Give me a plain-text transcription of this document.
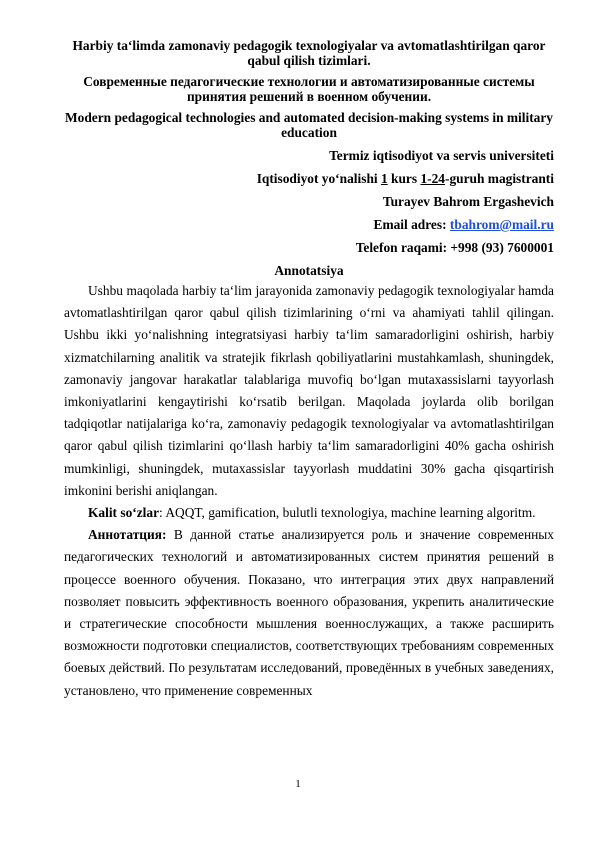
Harbiy ta‘limda zamonaviy pedagogik texnologiyalar va avtomatlashtirilgan qaror qabul qilish tizimlari.
Современные педагогические технологии и автоматизированные системы принятия решений в военном обучении.
Modern pedagogical technologies and automated decision-making systems in military education
Termiz iqtisodiyot va servis universiteti
Iqtisodiyot yo‘nalishi 1 kurs 1-24-guruh magistranti
Turayev Bahrom Ergashevich
Email adres: tbahrom@mail.ru
Telefon raqami: +998 (93) 7600001
Annotatsiya

Ushbu maqolada harbiy ta‘lim jarayonida zamonaviy pedagogik texnologiyalar hamda avtomatlashtirilgan qaror qabul qilish tizimlarining o‘rni va ahamiyati tahlil qilingan. Ushbu ikki yo‘nalishning integratsiyasi harbiy ta‘lim samaradorligini oshirish, harbiy xizmatchilarning analitik va stratejik fikrlash qobiliyatlarini mustahkamlash, shuningdek, zamonaviy jangovar harakatlar talablariga muvofiq bo‘lgan mutaxassislarni tayyorlash imkoniyatlarini kengaytirishi ko‘rsatib berilgan. Maqolada joylarda olib borilgan tadqiqotlar natijalariga ko‘ra, zamonaviy pedagogik texnologiyalar va avtomatlashtirilgan qaror qabul qilish tizimlarini qo‘llash harbiy ta‘lim samaradorligini 40% gacha oshirish mumkinligi, shuningdek, mutaxassislar tayyorlash muddatini 30% gacha qisqartirish imkonini berishi aniqlangan.

Kalit so‘zlar: AQQT, gamification, bulutli texnologiya, machine learning algoritm.

Аннотатция: В данной статье анализируется роль и значение современных педагогических технологий и автоматизированных систем принятия решений в процессе военного обучения. Показано, что интеграция этих двух направлений позволяет повысить эффективность военного образования, укрепить аналитические и стратегические способности мышления военнослужащих, а также расширить возможности подготовки специалистов, соответствующих требованиям современных боевых действий. По результатам исследований, проведённых в учебных заведениях, установлено, что применение современных

1
